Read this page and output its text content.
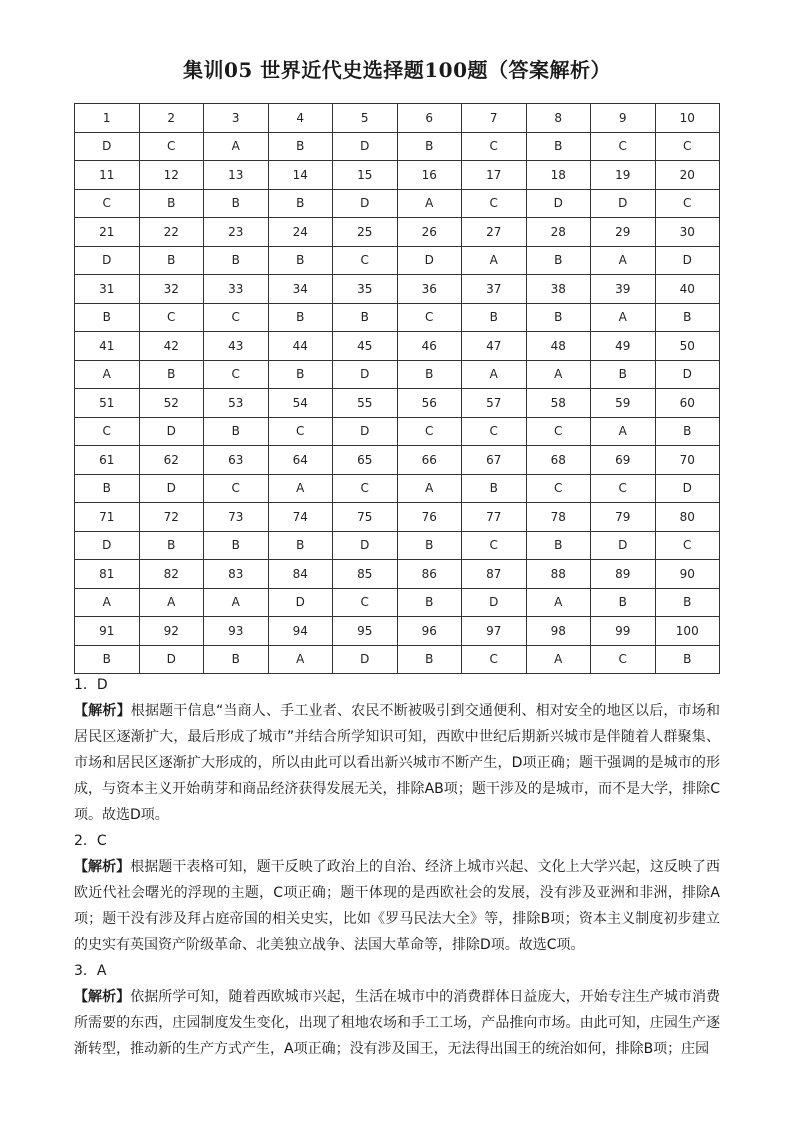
集训05 世界近代史选择题100题（答案解析）
1	2	3	4	5	6	7	8	9	10
D	C	A	B	D	B	C	B	C	C
11	12	13	14	15	16	17	18	19	20
C	B	B	B	D	A	C	D	D	C
21	22	23	24	25	26	27	28	29	30
D	B	B	B	C	D	A	B	A	D
31	32	33	34	35	36	37	38	39	40
B	C	C	B	B	C	B	B	A	B
41	42	43	44	45	46	47	48	49	50
A	B	C	B	D	B	A	A	B	D
51	52	53	54	55	56	57	58	59	60
C	D	B	C	D	C	C	C	A	B
61	62	63	64	65	66	67	68	69	70
B	D	C	A	C	A	B	C	C	D
71	72	73	74	75	76	77	78	79	80
D	B	B	B	D	B	C	B	D	C
81	82	83	84	85	86	87	88	89	90
A	A	A	D	C	B	D	A	B	B
91	92	93	94	95	96	97	98	99	100
B	D	B	A	D	B	C	A	C	B

1．D

【解析】根据题干信息“当商人、手工业者、农民不断被吸引到交通便利、相对安全的地区以后，市场和居民区逐渐扩大，最后形成了城市”并结合所学知识可知，西欧中世纪后期新兴城市是伴随着人群聚集、市场和居民区逐渐扩大形成的，所以由此可以看出新兴城市不断产生，D项正确；题干强调的是城市的形成，与资本主义开始萌芽和商品经济获得发展无关，排除AB项；题干涉及的是城市，而不是大学，排除C项。故选D项。

2．C

【解析】根据题干表格可知，题干反映了政治上的自治、经济上城市兴起、文化上大学兴起，这反映了西欧近代社会曙光的浮现的主题，C项正确；题干体现的是西欧社会的发展，没有涉及亚洲和非洲，排除A项；题干没有涉及拜占庭帝国的相关史实，比如《罗马民法大全》等，排除B项；资本主义制度初步建立的史实有英国资产阶级革命、北美独立战争、法国大革命等，排除D项。故选C项。

3．A

【解析】依据所学可知，随着西欧城市兴起，生活在城市中的消费群体日益庞大，开始专注生产城市消费所需要的东西，庄园制度发生变化，出现了租地农场和手工工场，产品推向市场。由此可知，庄园生产逐渐转型，推动新的生产方式产生，A项正确；没有涉及国王，无法得出国王的统治如何，排除B项；庄园
